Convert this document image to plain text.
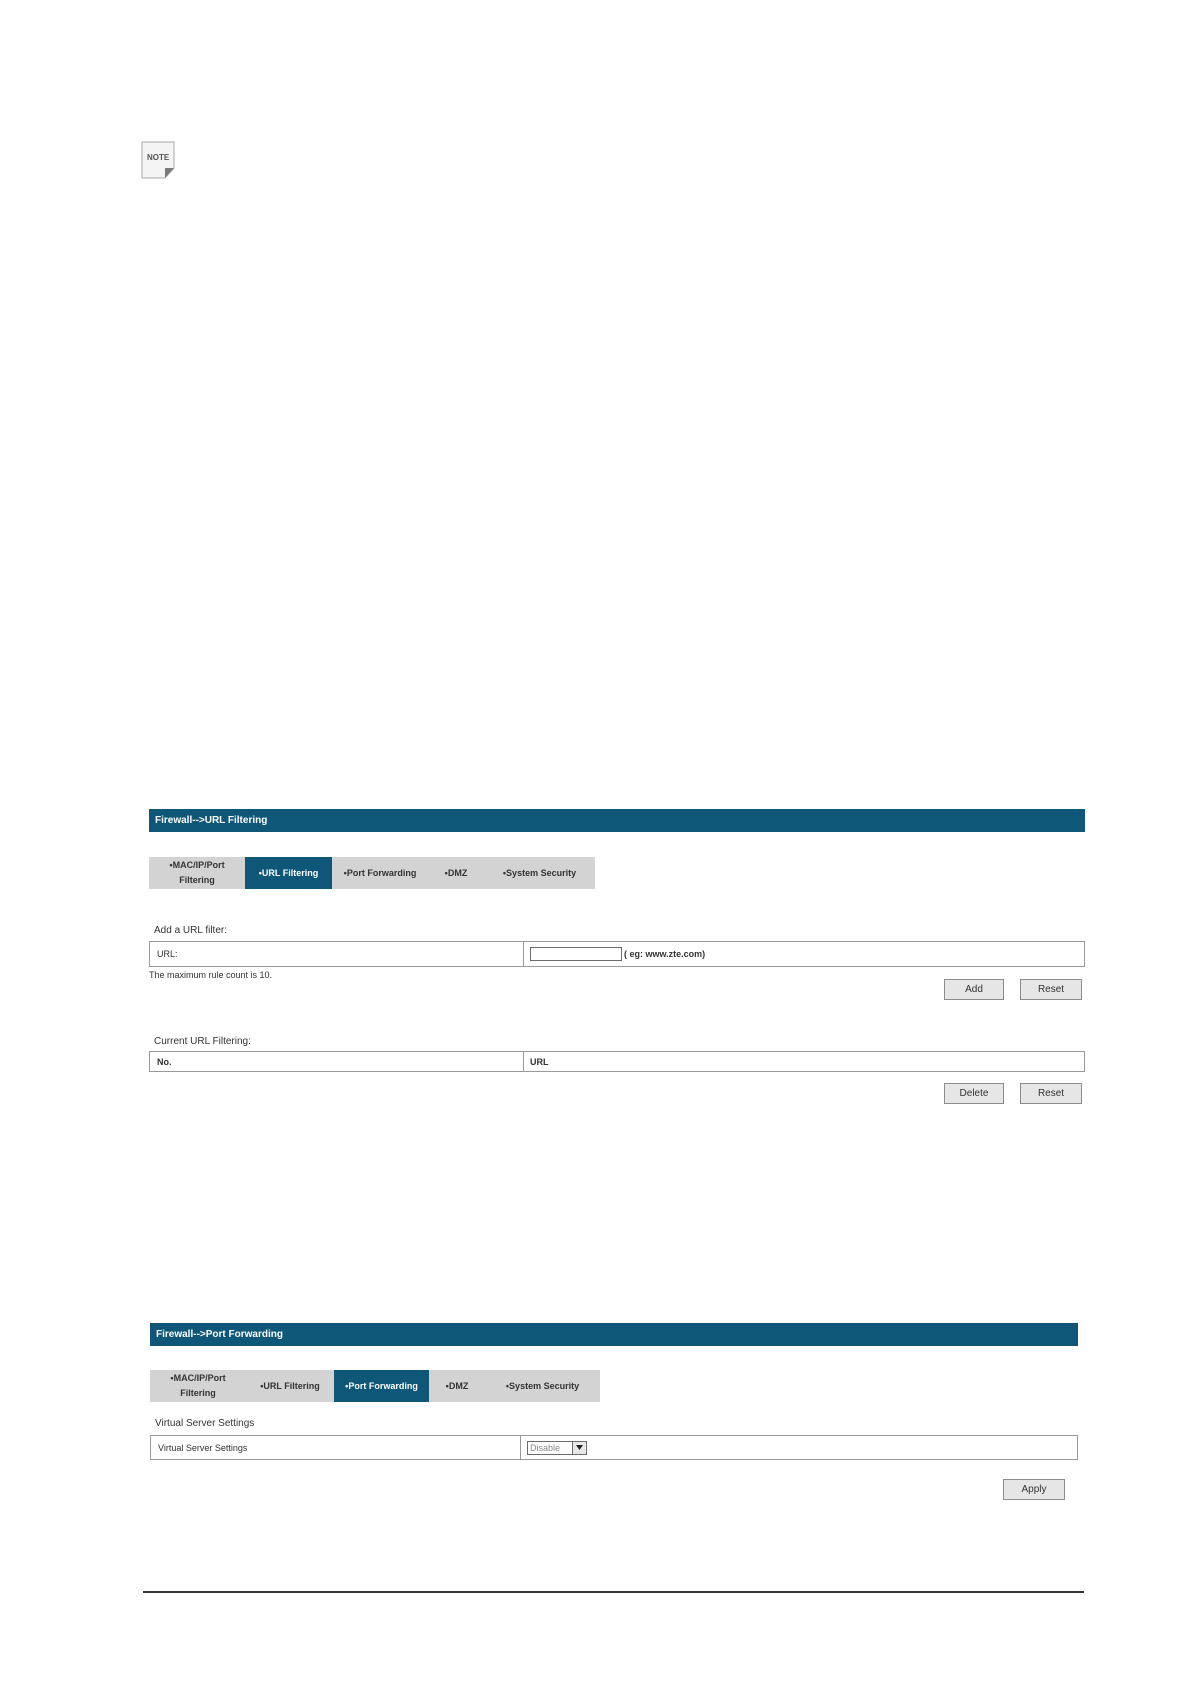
NOTE
Firewall-->URL Filtering
•MAC/IP/Port Filtering
•URL Filtering	•Port Forwarding	•DMZ	•System Security
Add a URL filter:
URL:	( eg: www.zte.com)
The maximum rule count is 10.
Add	Reset
Current URL Filtering:
No.	URL
Delete	Reset
Firewall-->Port Forwarding
•MAC/IP/Port Filtering
•URL Filtering	•Port Forwarding	•DMZ	•System Security
Virtual Server Settings
Virtual Server Settings	Disable
Apply
